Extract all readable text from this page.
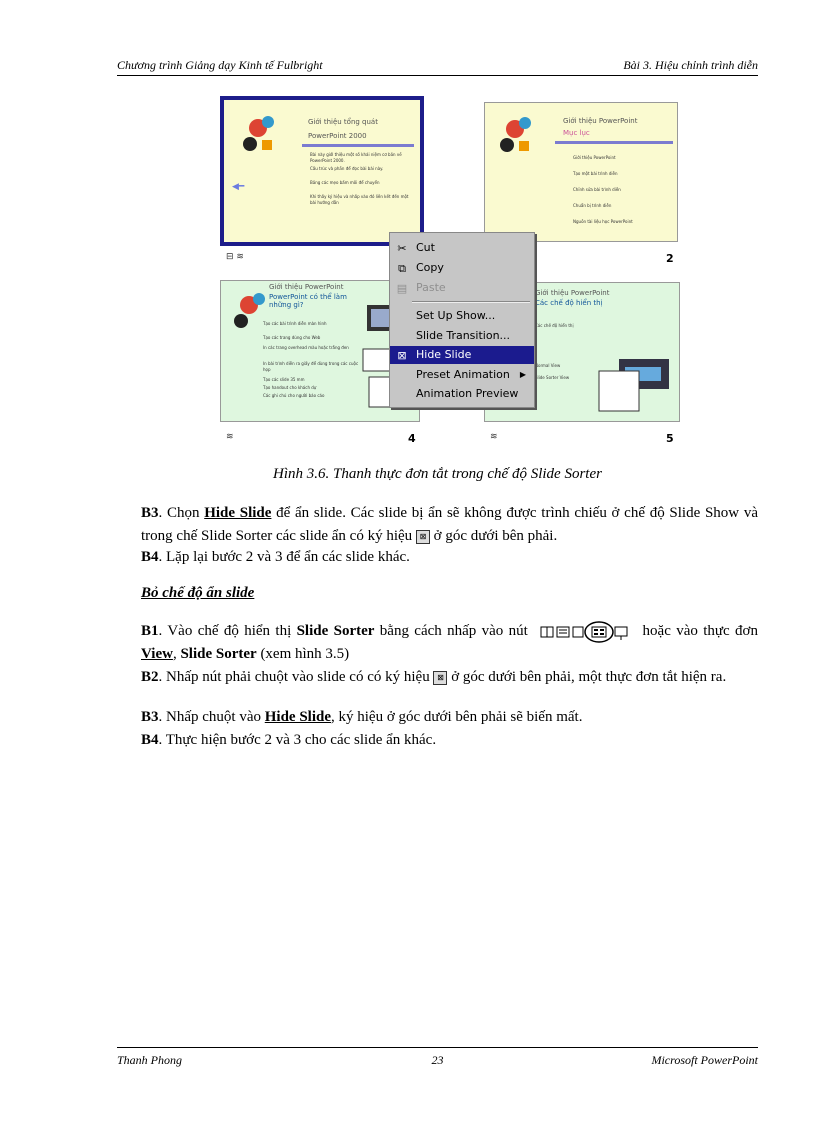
Chương trình Giảng dạy Kinh tế Fulbright	Bài 3. Hiệu chỉnh trình diễn
◀━
Giới thiệu tổng quát
PowerPoint 2000
Bài này giới thiệu một số khái niệm cơ bản về PowerPoint 2000.
Cấu trúc và phần để đọc bài bài này.
Bảng các mẹo bấm môi để chuyển
Khi thấy ký hiệu và nhấp vào đó liên kết đến một bài hướng dẫn
⊟ ≋
Giới thiệu PowerPoint
Mục lục
Giới thiệu PowerPoint
Tạo một bài trình diễn
Chỉnh sửa bài trình diễn
Chuẩn bị trình diễn
Nguồn tài liệu học PowerPoint
2
Giới thiệu PowerPoint
PowerPoint có thể làm những gì?
Tạo các bài trình diễn màn hình
Tạo các trang dùng cho Web
In các trang overhead màu hoặc trắng đen
In bài trình diễn ra giấy để dùng trong các cuộc họp
Tạo các slide 35 mm
Tạo handout cho khách dự
Các ghi chú cho người báo cáo
≋	4
Giới thiệu PowerPoint
Các chế độ hiển thị
Các chế độ hiển thị
Normal View
Slide Sorter View
≋	5
✂ Cut
⧉ Copy
▤ Paste
Set Up Show...
Slide Transition...
⊠ Hide Slide
Preset Animation ▶
Animation Preview
Hình 3.6. Thanh thực đơn tắt trong chế độ Slide Sorter
B3. Chọn Hide Slide để ẩn slide. Các slide bị ẩn sẽ không được trình chiếu ở chế độ Slide Show và trong chế Slide Sorter các slide ẩn có ký hiệu ⊠ ở góc dưới bên phải.
B4. Lặp lại bước 2 và 3 để ẩn các slide khác.
Bỏ chế độ ẩn slide
B1. Vào chế độ hiển thị Slide Sorter bằng cách nhấp vào nút	hoặc vào thực đơn View, Slide Sorter (xem hình 3.5)
B2. Nhấp nút phải chuột vào slide có có ký hiệu ⊠ ở góc dưới bên phải, một thực đơn tắt hiện ra.
B3. Nhấp chuột vào Hide Slide, ký hiệu ở góc dưới bên phải sẽ biến mất.
B4. Thực hiện bước 2 và 3 cho các slide ẩn khác.
Thanh Phong	23	Microsoft PowerPoint
